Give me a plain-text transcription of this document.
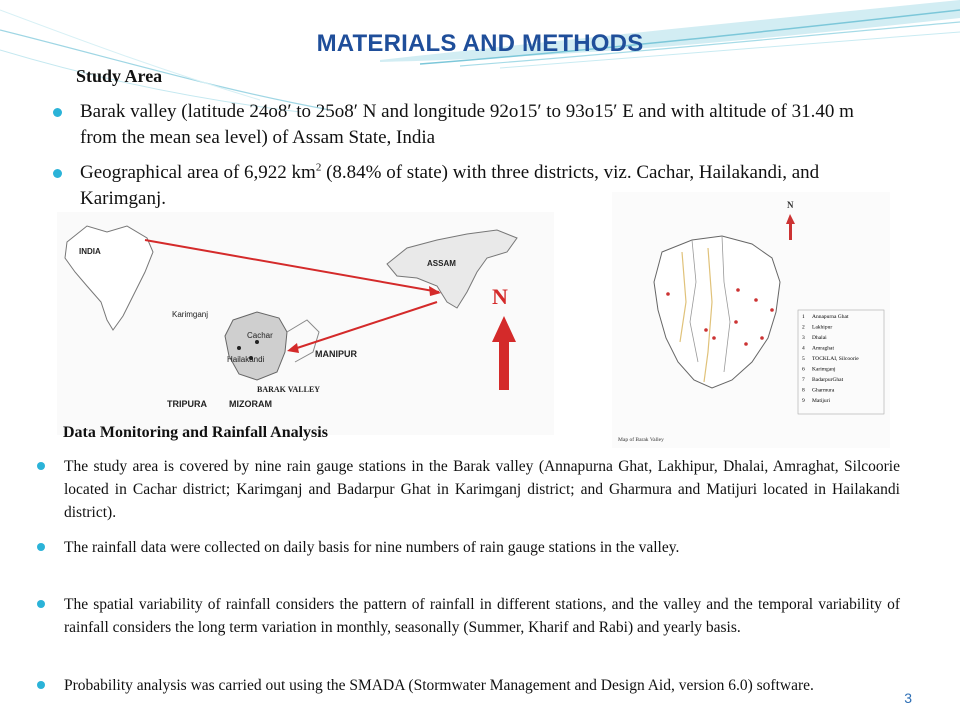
MATERIALS AND METHODS
Study Area
Barak valley (latitude 24o8′ to 25o8′ N and longitude 92o15′ to 93o15′ E and with altitude of 31.40 m from the mean sea level) of Assam State, India
Geographical area of 6,922 $km^2$ (8.84% of state) with three districts, viz. Cachar, Hailakandi, and Karimganj.
INDIA
ASSAM
Karimganj
Cachar
Hailakandi
MANIPUR
BARAK VALLEY
TRIPURA MIZORAM
N
N
1 Annapurna Ghat
2 Lakhipur
3 Dhalai
4 Amraghat
5 TOCKLAI, Silcoorie
6 Karimganj
7 BadarpurGhat
8 Gharmura
9 Matijuri
Map of Barak Valley
Data Monitoring and Rainfall Analysis
The study area is covered by nine rain gauge stations in the Barak valley (Annapurna Ghat, Lakhipur, Dhalai, Amraghat, Silcoorie located in Cachar district; Karimganj and Badarpur Ghat in Karimganj district; and Gharmura and Matijuri located in Hailakandi district).
The rainfall data were collected on daily basis for nine numbers of rain gauge stations in the valley.
The spatial variability of rainfall considers the pattern of rainfall in different stations, and the valley and the temporal variability of rainfall considers the long term variation in monthly, seasonally (Summer, Kharif and Rabi) and yearly basis.
Probability analysis was carried out using the SMADA (Stormwater Management and Design Aid, version 6.0) software.
3
